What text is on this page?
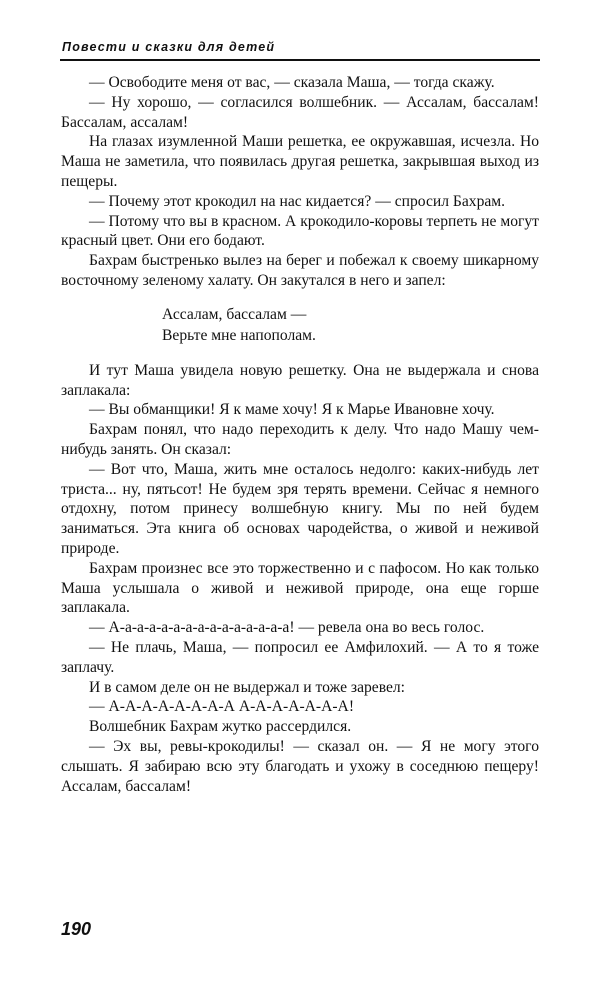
Повести и сказки для детей

— Освободите меня от вас, — сказала Маша, — тогда скажу.

— Ну хорошо, — согласился волшебник. — Ассалам, бассалам! Бассалам, ассалам!

На глазах изумленной Маши решетка, ее окружавшая, исчезла. Но Маша не заметила, что появилась другая решетка, закрывшая выход из пещеры.

— Почему этот крокодил на нас кидается? — спросил Бахрам.

— Потому что вы в красном. А крокодило-коровы терпеть не могут красный цвет. Они его бодают.

Бахрам быстренько вылез на берег и побежал к своему шикарному восточному зеленому халату. Он закутался в него и запел:

Ассалам, бассалам —
Верьте мне напополам.

И тут Маша увидела новую решетку. Она не выдержала и снова заплакала:

— Вы обманщики! Я к маме хочу! Я к Марье Ивановне хочу.

Бахрам понял, что надо переходить к делу. Что надо Машу чем-нибудь занять. Он сказал:

— Вот что, Маша, жить мне осталось недолго: каких-нибудь лет триста... ну, пятьсот! Не будем зря терять времени. Сейчас я немного отдохну, потом принесу волшебную книгу. Мы по ней будем заниматься. Эта книга об основах чародейства, о живой и неживой природе.

Бахрам произнес все это торжественно и с пафосом. Но как только Маша услышала о живой и неживой природе, она еще горше заплакала.

— А-а-а-а-а-а-а-а-а-а-а-а-а-а-а! — ревела она во весь голос.

— Не плачь, Маша, — попросил ее Амфилохий. — А то я тоже заплачу.

И в самом деле он не выдержал и тоже заревел:

— А-А-А-А-А-А-А-А А-А-А-А-А-А-А!

Волшебник Бахрам жутко рассердился.

— Эх вы, ревы-крокодилы! — сказал он. — Я не могу этого слышать. Я забираю всю эту благодать и ухожу в соседнюю пещеру! Ассалам, бассалам!

190
